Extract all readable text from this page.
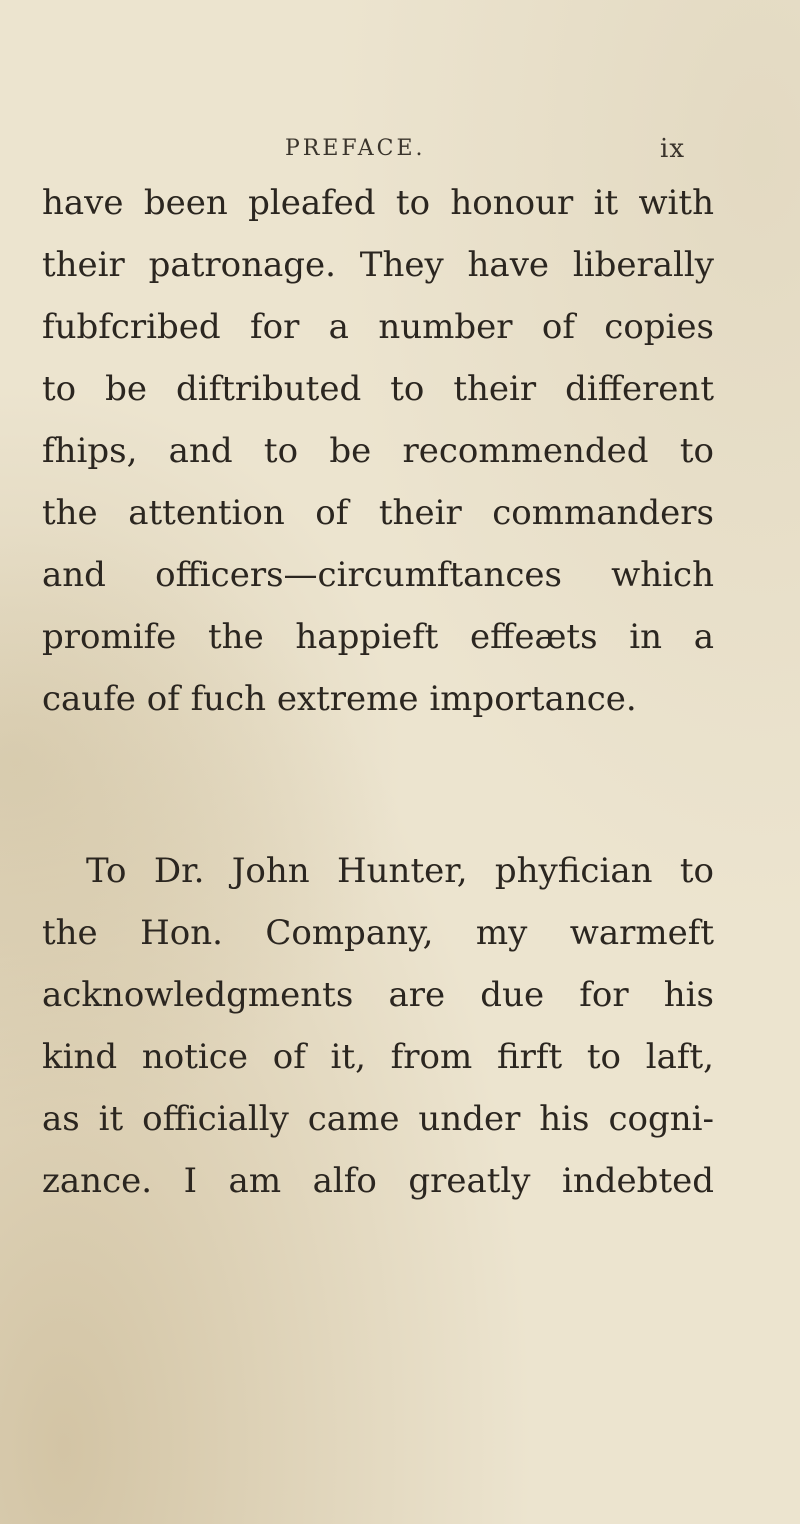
PREFACE.	ix
have been pleafed to honour it with
their patronage. They have liberally
fubfcribed for a number of copies
to be diftributed to their different
fhips, and to be recommended to
the attention of their commanders
and officers—circumftances which
promife the happieft effeæts in a
caufe of fuch extreme importance.
To Dr. John Hunter, phyfician to
the Hon. Company, my warmeft
acknowledgments are due for his
kind notice of it, from firft to laft,
as it officially came under his cogni-
zance. I am alfo greatly indebted
